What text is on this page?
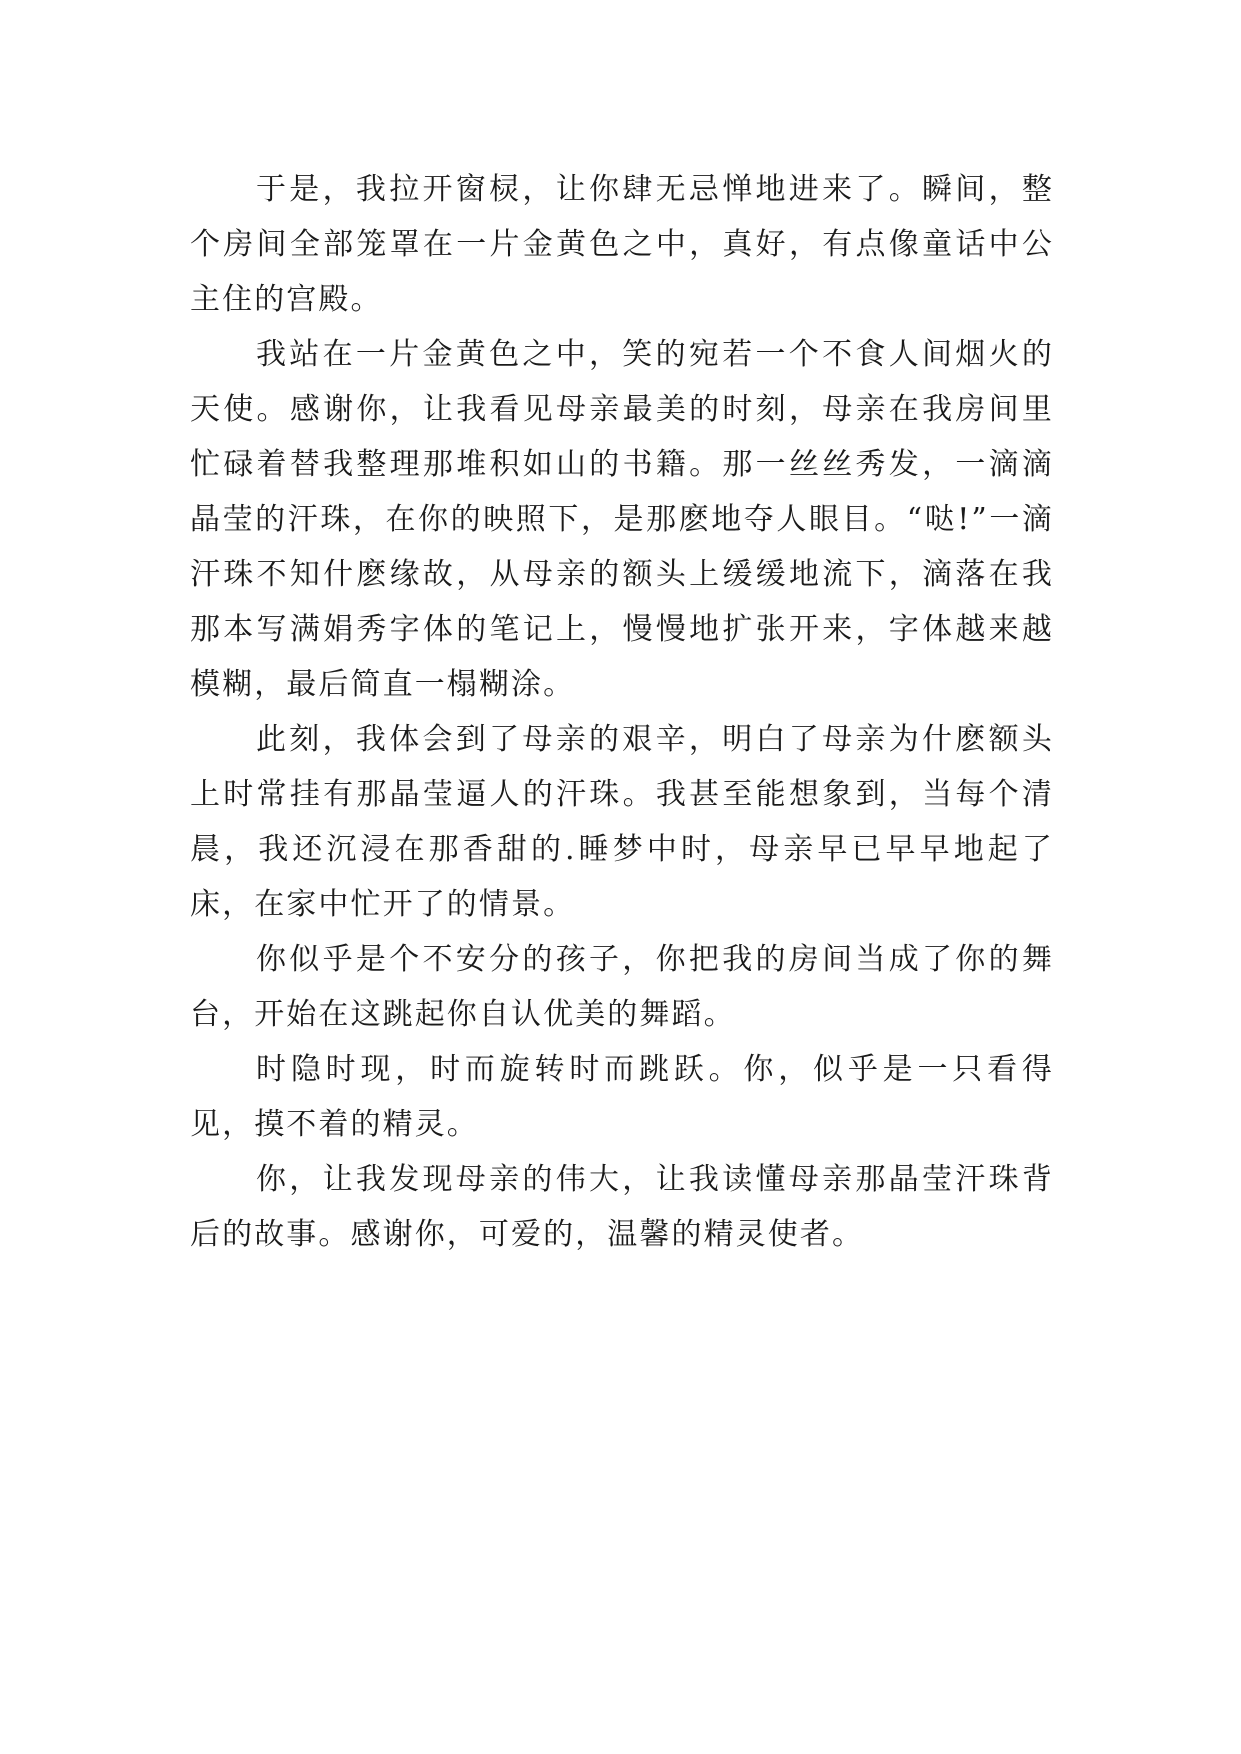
于是，我拉开窗棂，让你肆无忌惮地进来了。瞬间，整个房间全部笼罩在一片金黄色之中，真好，有点像童话中公主住的宫殿。

我站在一片金黄色之中，笑的宛若一个不食人间烟火的天使。感谢你，让我看见母亲最美的时刻，母亲在我房间里忙碌着替我整理那堆积如山的书籍。那一丝丝秀发，一滴滴晶莹的汗珠，在你的映照下，是那麽地夺人眼目。“哒!”一滴汗珠不知什麽缘故，从母亲的额头上缓缓地流下，滴落在我那本写满娟秀字体的笔记上，慢慢地扩张开来，字体越来越模糊，最后简直一榻糊涂。

此刻，我体会到了母亲的艰辛，明白了母亲为什麽额头上时常挂有那晶莹逼人的汗珠。我甚至能想象到，当每个清晨，我还沉浸在那香甜的.睡梦中时，母亲早已早早地起了床，在家中忙开了的情景。

你似乎是个不安分的孩子，你把我的房间当成了你的舞台，开始在这跳起你自认优美的舞蹈。

时隐时现，时而旋转时而跳跃。你，似乎是一只看得见，摸不着的精灵。

你，让我发现母亲的伟大，让我读懂母亲那晶莹汗珠背后的故事。感谢你，可爱的，温馨的精灵使者。
